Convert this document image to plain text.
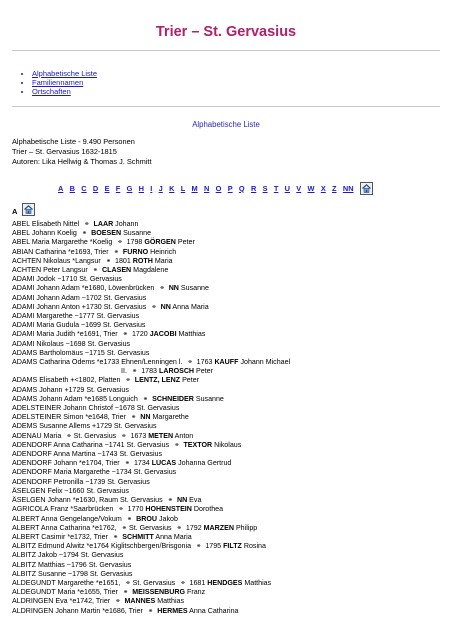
Trier – St. Gervasius
• Alphabetische Liste
• Familiennamen
• Ortschaften
Alphabetische Liste
Alphabetische Liste - 9.490 Personen
Trier – St. Gervasius 1632-1815
Autoren: Lika Hellwig & Thomas J. Schmitt
A B C D E F G H I J K L M N O P Q R S T U V W X Z NN
A
ABEL Elisabeth Nittel ⚭ LAAR Johann
ABEL Johann Koelig ⚭ BOESEN Susanne
ABEL Maria Margarethe *Koelig ⚭ 1798 GÖRGEN Peter
ABIAN Catharina *e1693, Trier ⚭ FURNO Heinrich
ACHTEN Nikolaus *Langsur ⚭ 1801 ROTH Maria
ACHTEN Peter Langsur ⚭ CLASEN Magdalene
ADAMI Jodok ~1710 St. Gervasius
ADAMI Johann Adam *e1680, Löwenbrücken ⚭ NN Susanne
ADAMI Johann Adam ~1702 St. Gervasius
ADAMI Johann Anton +1730 St. Gervasius ⚭ NN Anna Maria
ADAMI Margarethe ~1777 St. Gervasius
ADAMI Maria Gudula ~1699 St. Gervasius
ADAMI Maria Judith *e1691, Trier ⚭ 1720 JACOBI Matthias
ADAMI Nikolaus ~1698 St. Gervasius
ADAMS Bartholomäus ~1715 St. Gervasius
ADAMS Catharina Odems *e1733 Ehnen/Lenningen l. ⚭ 1763 KAUFF Johann Michael
II. ⚭ 1783 LAROSCH Peter
ADAMS Elisabeth +<1802, Platten ⚭ LENTZ, LENZ Peter
ADAMS Johann +1729 St. Gervasius
ADAMS Johann Adam *e1685 Longuich ⚭ SCHNEIDER Susanne
ADELSTEINER Johann Christof ~1678 St. Gervasius
ADELSTEINER Simon *e1648, Trier ⚭ NN Margarethe
ADEMS Susanne Allems +1729 St. Gervasius
ADENAU Maria ⚭ St. Gervasius ⚭ 1673 METEN Anton
ADENDORF Anna Catharina ~1741 St. Gervasius ⚭ TEXTOR Nikolaus
ADENDORF Anna Martina ~1743 St. Gervasius
ADENDORF Johann *e1704, Trier ⚭ 1734 LUCAS Johanna Gertrud
ADENDORF Maria Margarethe ~1734 St. Gervasius
ADENDORF Petronilla ~1739 St. Gervasius
ÄSELGEN Felix ~1660 St. Gervasius
ÄSELGEN Johann *e1630, Raum St. Gervasius ⚭ NN Eva
AGRICOLA Franz *Saarbrücken ⚭ 1770 HOHENSTEIN Dorothea
ALBERT Anna Gengelange/Vokum ⚭ BROU Jakob
ALBERT Anna Catharina *e1762, ⚭ St. Gervasius ⚭ 1792 MARZEN Philipp
ALBERT Casimir *e1732, Trier ⚭ SCHMITT Anna Maria
ALBITZ Edmund Alwitz *e1764 Kiglitschbergen/Brisgonia ⚭ 1795 FILTZ Rosina
ALBITZ Jakob ~1794 St. Gervasius
ALBITZ Matthias ~1796 St. Gervasius
ALBITZ Susanne ~1798 St. Gervasius
ALDEGUNDT Margarethe *e1651, ⚭ St. Gervasius ⚭ 1681 HENDGES Matthias
ALDEGUNDT Maria *e1655, Trier ⚭ MEISSENBURG Franz
ALDRINGEN Eva *e1742, Trier ⚭ MANNES Matthias
ALDRINGEN Johann Martin *e1686, Trier ⚭ HERMES Anna Catharina
